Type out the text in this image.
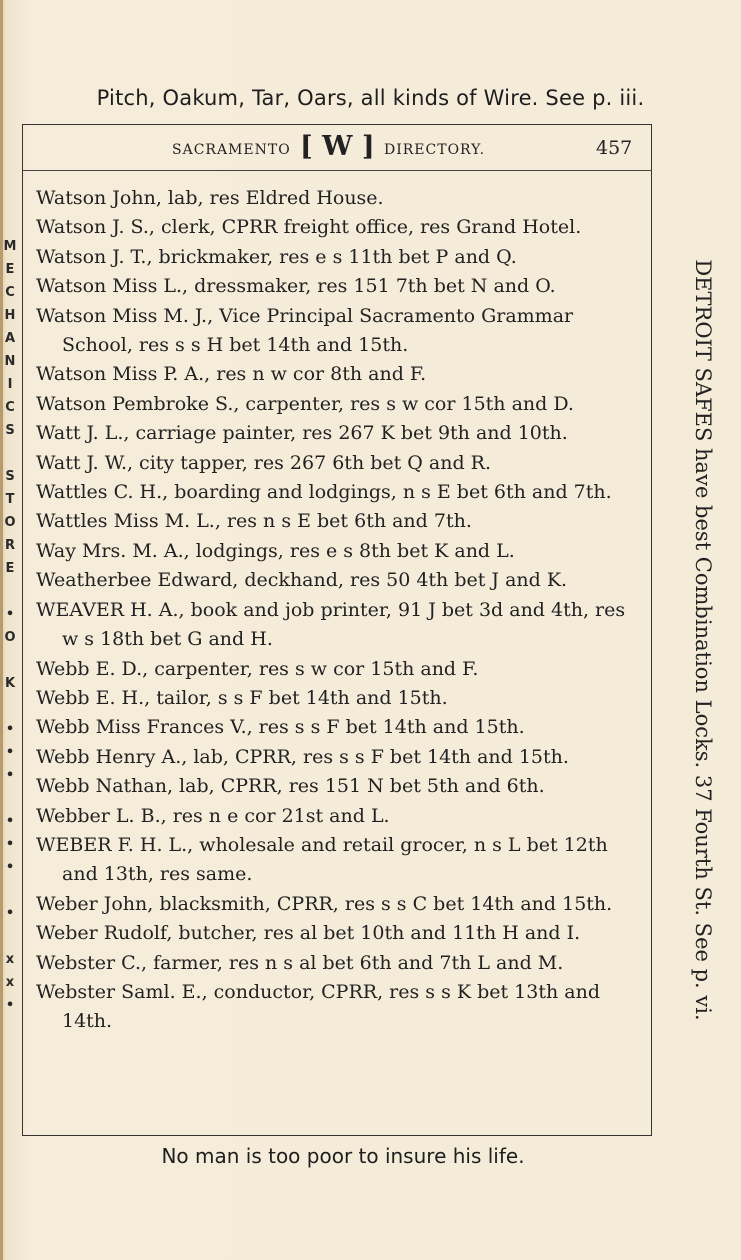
Pitch, Oakum, Tar, Oars, all kinds of Wire. See p. iii.
SACRAMENTO [ W ] DIRECTORY.	457
Watson John, lab, res Eldred House.
Watson J. S., clerk, CPRR freight office, res Grand Hotel.
Watson J. T., brickmaker, res e s 11th bet P and Q.
Watson Miss L., dressmaker, res 151 7th bet N and O.
Watson Miss M. J., Vice Principal Sacramento Grammar School, res s s H bet 14th and 15th.
Watson Miss P. A., res n w cor 8th and F.
Watson Pembroke S., carpenter, res s w cor 15th and D.
Watt J. L., carriage painter, res 267 K bet 9th and 10th.
Watt J. W., city tapper, res 267 6th bet Q and R.
Wattles C. H., boarding and lodgings, n s E bet 6th and 7th.
Wattles Miss M. L., res n s E bet 6th and 7th.
Way Mrs. M. A., lodgings, res e s 8th bet K and L.
Weatherbee Edward, deckhand, res 50 4th bet J and K.
WEAVER H. A., book and job printer, 91 J bet 3d and 4th, res w s 18th bet G and H.
Webb E. D., carpenter, res s w cor 15th and F.
Webb E. H., tailor, s s F bet 14th and 15th.
Webb Miss Frances V., res s s F bet 14th and 15th.
Webb Henry A., lab, CPRR, res s s F bet 14th and 15th.
Webb Nathan, lab, CPRR, res 151 N bet 5th and 6th.
Webber L. B., res n e cor 21st and L.
WEBER F. H. L., wholesale and retail grocer, n s L bet 12th and 13th, res same.
Weber John, blacksmith, CPRR, res s s C bet 14th and 15th.
Weber Rudolf, butcher, res al bet 10th and 11th H and I.
Webster C., farmer, res n s al bet 6th and 7th L and M.
Webster Saml. E., conductor, CPRR, res s s K bet 13th and 14th.
No man is too poor to insure his life.
DETROIT SAFES have best Combination Locks. 37 Fourth St. See p. vi.
M
E
C
H
A
N
I
C
S

S
T
O
R
E

•
O

K

•
•
•

•
•
•

•

x
x
•
